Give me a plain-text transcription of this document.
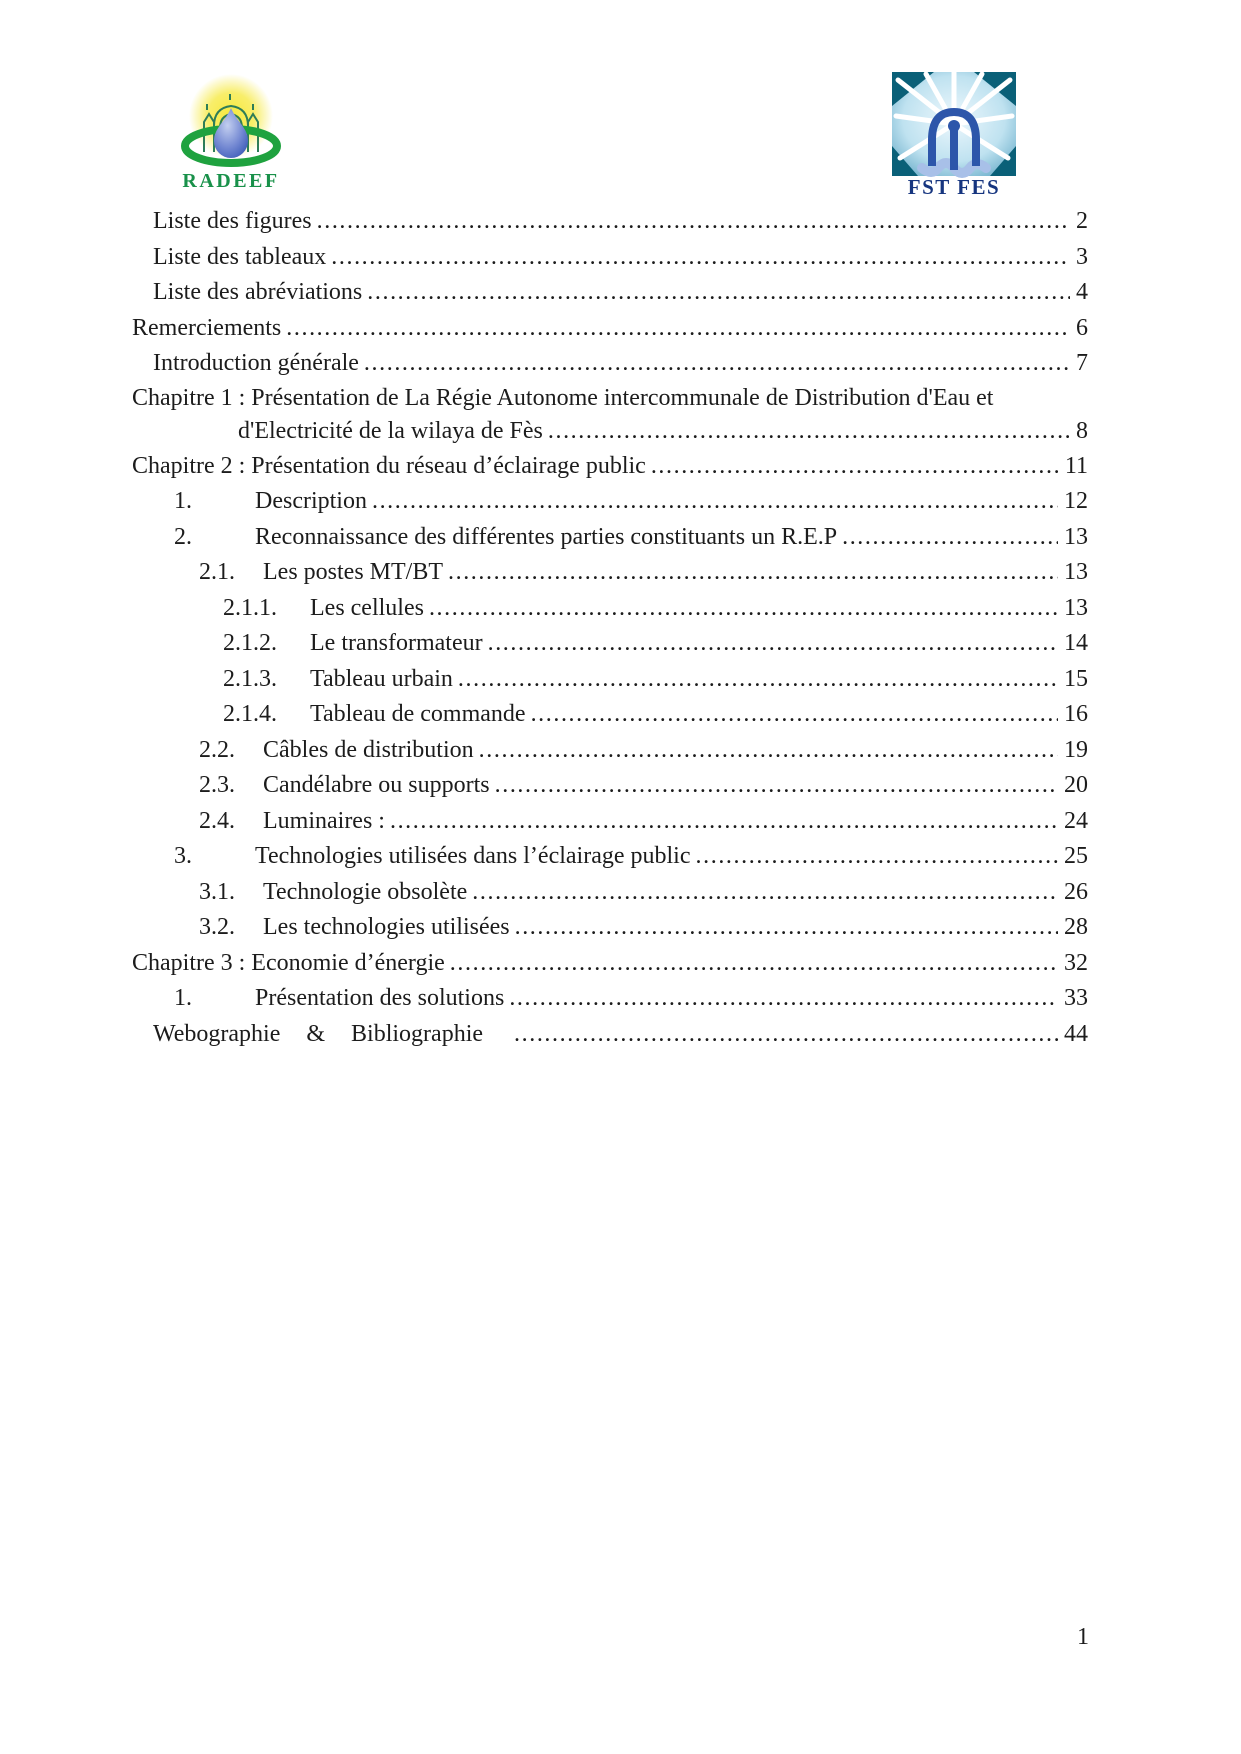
RADEEF	FST FES
Liste des figures .....	2
Liste des tableaux .....	3
Liste des abréviations .....	4
Remerciements .....	6
Introduction générale .....	7
Chapitre 1 : Présentation de La Régie Autonome intercommunale de Distribution d'Eau et
d'Electricité de la wilaya de Fès .....	8
Chapitre 2 : Présentation du réseau d’éclairage public .....	11
1.	Description .....	12
2.	Reconnaissance des différentes parties constituants un R.E.P .....	13
2.1.	Les postes MT/BT .....	13
2.1.1.	Les cellules .....	13
2.1.2.	Le transformateur .....	14
2.1.3.	Tableau urbain .....	15
2.1.4.	Tableau de commande .....	16
2.2.	Câbles de distribution .....	19
2.3.	Candélabre ou supports .....	20
2.4.	Luminaires : .....	24
3.	Technologies utilisées dans l’éclairage public .....	25
3.1.	Technologie obsolète .....	26
3.2.	Les technologies utilisées .....	28
Chapitre 3 : Economie d’énergie .....	32
1.	Présentation des solutions .....	33
Webographie & Bibliographie .....	44
1
